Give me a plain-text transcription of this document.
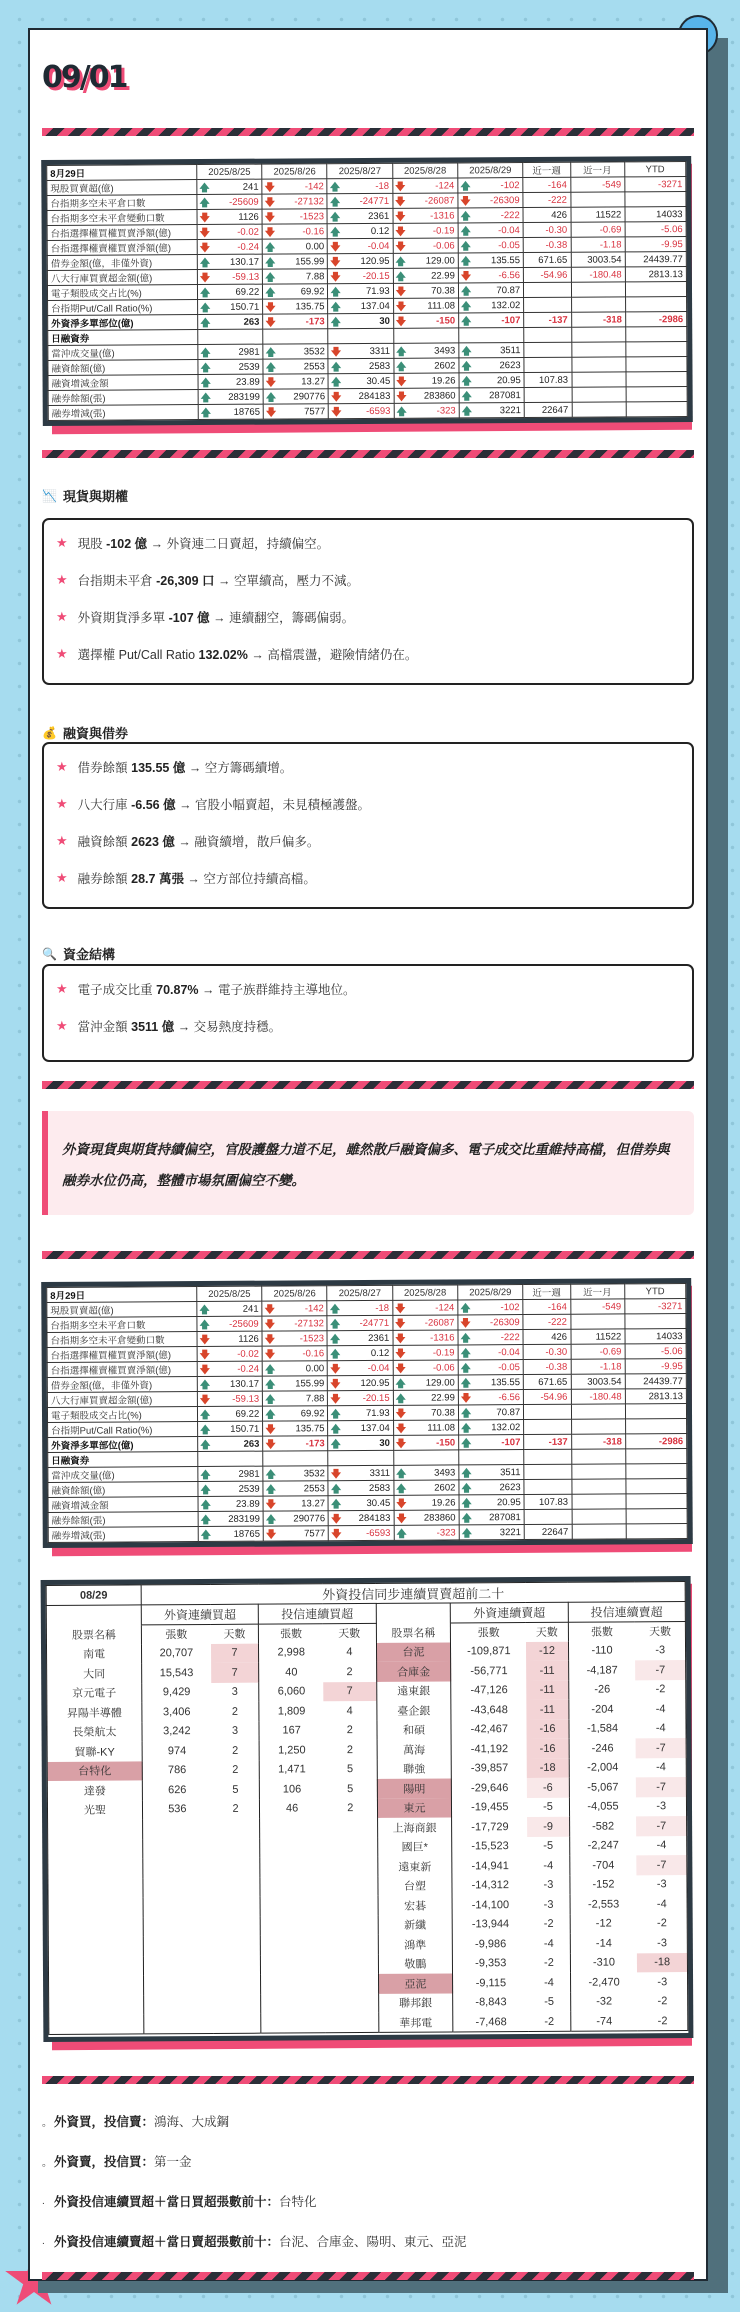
09/01
8月29日	2025/8/25	2025/8/26	2025/8/27	2025/8/28	2025/8/29	近一週	近一月	YTD
現股買賣超(億)	🡅 241	🡇 -142	🡅 -18	🡇 -124	🡅 -102	-164	-549	-3271
台指期多空未平倉口數	🡅 -25609	🡇 -27132	🡅 -24771	🡇 -26087	🡇 -26309	-222		
台指期多空未平倉變動口數	🡇 1126	🡇 -1523	🡅 2361	🡇 -1316	🡅 -222	426	11522	14033
台指選擇權買權買賣淨額(億)	🡇 -0.02	🡇 -0.16	🡅 0.12	🡇 -0.19	🡅 -0.04	-0.30	-0.69	-5.06
台指選擇權賣權買賣淨額(億)	🡇 -0.24	🡅 0.00	🡇 -0.04	🡇 -0.06	🡅 -0.05	-0.38	-1.18	-9.95
借券金額(億，非僅外資)	🡅 130.17	🡅 155.99	🡇 120.95	🡅 129.00	🡅 135.55	671.65	3003.54	24439.77
八大行庫買賣超金額(億)	🡇 -59.13	🡅 7.88	🡇 -20.15	🡅 22.99	🡇 -6.56	-54.96	-180.48	2813.13
電子類股成交占比(%)	🡅 69.22	🡅 69.92	🡅 71.93	🡇 70.38	🡅 70.87			
台指期Put/Call Ratio(%)	🡅 150.71	🡇 135.75	🡅 137.04	🡇 111.08	🡅 132.02			
外資淨多單部位(億)	🡅 263	🡇 -173	🡅 30	🡇 -150	🡅 -107	-137	-318	-2986
日融資券								
當沖成交量(億)	🡅 2981	🡅 3532	🡇 3311	🡅 3493	🡅 3511			
融資餘額(億)	🡅 2539	🡅 2553	🡅 2583	🡅 2602	🡅 2623			
融資增減金額	🡅 23.89	🡇 13.27	🡅 30.45	🡇 19.26	🡅 20.95	107.83		
融券餘額(張)	🡅 283199	🡅 290776	🡇 284183	🡇 283860	🡅 287081			
融券增減(張)	🡅 18765	🡇 7577	🡇 -6593	🡅 -323	🡅 3221	22647		
📉 現貨與期權
★ 現股 -102 億 → 外資連二日賣超，持續偏空。
★ 台指期未平倉 -26,309 口 → 空單續高，壓力不減。
★ 外資期貨淨多單 -107 億 → 連續翻空，籌碼偏弱。
★ 選擇權 Put/Call Ratio 132.02% → 高檔震盪，避險情緒仍在。
💰 融資與借券
★ 借券餘額 135.55 億 → 空方籌碼續增。
★ 八大行庫 -6.56 億 → 官股小幅賣超，未見積極護盤。
★ 融資餘額 2623 億 → 融資續增，散戶偏多。
★ 融券餘額 28.7 萬張 → 空方部位持續高檔。
🔍 資金結構
★ 電子成交比重 70.87% → 電子族群維持主導地位。
★ 當沖金額 3511 億 → 交易熱度持穩。
外資現貨與期貨持續偏空，官股護盤力道不足，雖然散戶融資偏多、電子成交比重維持高檔，但借券與融券水位仍高，整體市場氛圍偏空不變。
8月29日	2025/8/25	2025/8/26	2025/8/27	2025/8/28	2025/8/29	近一週	近一月	YTD
現股買賣超(億)	🡅 241	🡇 -142	🡅 -18	🡇 -124	🡅 -102	-164	-549	-3271
台指期多空未平倉口數	🡅 -25609	🡇 -27132	🡅 -24771	🡇 -26087	🡇 -26309	-222		
台指期多空未平倉變動口數	🡇 1126	🡇 -1523	🡅 2361	🡇 -1316	🡅 -222	426	11522	14033
台指選擇權買權買賣淨額(億)	🡇 -0.02	🡇 -0.16	🡅 0.12	🡇 -0.19	🡅 -0.04	-0.30	-0.69	-5.06
台指選擇權賣權買賣淨額(億)	🡇 -0.24	🡅 0.00	🡇 -0.04	🡇 -0.06	🡅 -0.05	-0.38	-1.18	-9.95
借券金額(億，非僅外資)	🡅 130.17	🡅 155.99	🡇 120.95	🡅 129.00	🡅 135.55	671.65	3003.54	24439.77
八大行庫買賣超金額(億)	🡇 -59.13	🡅 7.88	🡇 -20.15	🡅 22.99	🡇 -6.56	-54.96	-180.48	2813.13
電子類股成交占比(%)	🡅 69.22	🡅 69.92	🡅 71.93	🡇 70.38	🡅 70.87			
台指期Put/Call Ratio(%)	🡅 150.71	🡇 135.75	🡅 137.04	🡇 111.08	🡅 132.02			
外資淨多單部位(億)	🡅 263	🡇 -173	🡅 30	🡇 -150	🡅 -107	-137	-318	-2986
日融資券								
當沖成交量(億)	🡅 2981	🡅 3532	🡇 3311	🡅 3493	🡅 3511			
融資餘額(億)	🡅 2539	🡅 2553	🡅 2583	🡅 2602	🡅 2623			
融資增減金額	🡅 23.89	🡇 13.27	🡅 30.45	🡇 19.26	🡅 20.95	107.83		
融券餘額(張)	🡅 283199	🡅 290776	🡇 284183	🡇 283860	🡅 287081			
融券增減(張)	🡅 18765	🡇 7577	🡇 -6593	🡅 -323	🡅 3221	22647		
08/29	外資投信同步連續買賣超前二十								
	外資連續買超		投信連續買超			外資連續賣超		投信連續賣超	
股票名稱	張數	天數	張數	天數	股票名稱	張數	天數	張數	天數
南電	20,707	7	2,998	4	台泥	-109,871	-12	-110	-3
大同	15,543	7	40	2	合庫金	-56,771	-11	-4,187	-7
京元電子	9,429	3	6,060	7	遠東銀	-47,126	-11	-26	-2
昇陽半導體	3,406	2	1,809	4	臺企銀	-43,648	-11	-204	-4
長榮航太	3,242	3	167	2	和碩	-42,467	-16	-1,584	-4
貿聯-KY	974	2	1,250	2	萬海	-41,192	-16	-246	-7
台特化	786	2	1,471	5	聯強	-39,857	-18	-2,004	-4
達發	626	5	106	5	陽明	-29,646	-6	-5,067	-7
光聖	536	2	46	2	東元	-19,455	-5	-4,055	-3
					上海商銀	-17,729	-9	-582	-7
					國巨*	-15,523	-5	-2,247	-4
					遠東新	-14,941	-4	-704	-7
					台塑	-14,312	-3	-152	-3
					宏碁	-14,100	-3	-2,553	-4
					新纖	-13,944	-2	-12	-2
					鴻準	-9,986	-4	-14	-3
					敬鵬	-9,353	-2	-310	-18
					亞泥	-9,115	-4	-2,470	-3
					聯邦銀	-8,843	-5	-32	-2
					華邦電	-7,468	-2	-74	-2

。 外資買，投信賣： 鴻海、大成鋼
。 外資賣，投信買： 第一金
. 外資投信連續買超＋當日買超張數前十： 台特化
. 外資投信連續賣超＋當日賣超張數前十： 台泥、合庫金、陽明、東元、亞泥
